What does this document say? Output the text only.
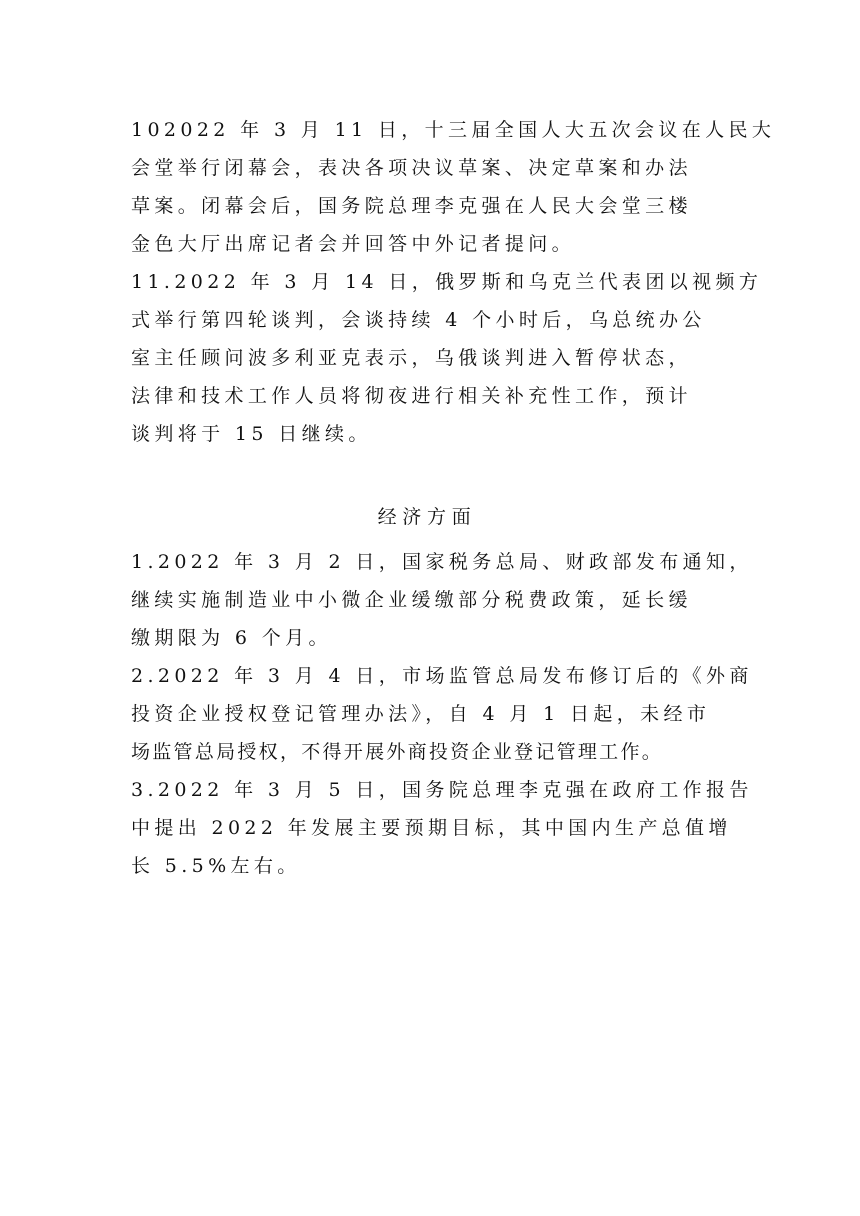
102022 年 3 月 11 日，十三届全国人大五次会议在人民大
会堂举行闭幕会，表决各项决议草案、决定草案和办法
草案。闭幕会后，国务院总理李克强在人民大会堂三楼
金色大厅出席记者会并回答中外记者提问。
11.2022 年 3 月 14 日，俄罗斯和乌克兰代表团以视频方
式举行第四轮谈判，会谈持续 4 个小时后，乌总统办公
室主任顾问波多利亚克表示，乌俄谈判进入暂停状态，
法律和技术工作人员将彻夜进行相关补充性工作，预计
谈判将于 15 日继续。
经济方面
1.2022 年 3 月 2 日，国家税务总局、财政部发布通知，
继续实施制造业中小微企业缓缴部分税费政策，延长缓
缴期限为 6 个月。
2.2022 年 3 月 4 日，市场监管总局发布修订后的《外商
投资企业授权登记管理办法》，自 4 月 1 日起，未经市
场监管总局授权，不得开展外商投资企业登记管理工作。
3.2022 年 3 月 5 日，国务院总理李克强在政府工作报告
中提出 2022 年发展主要预期目标，其中国内生产总值增
长 5.5%左右。
